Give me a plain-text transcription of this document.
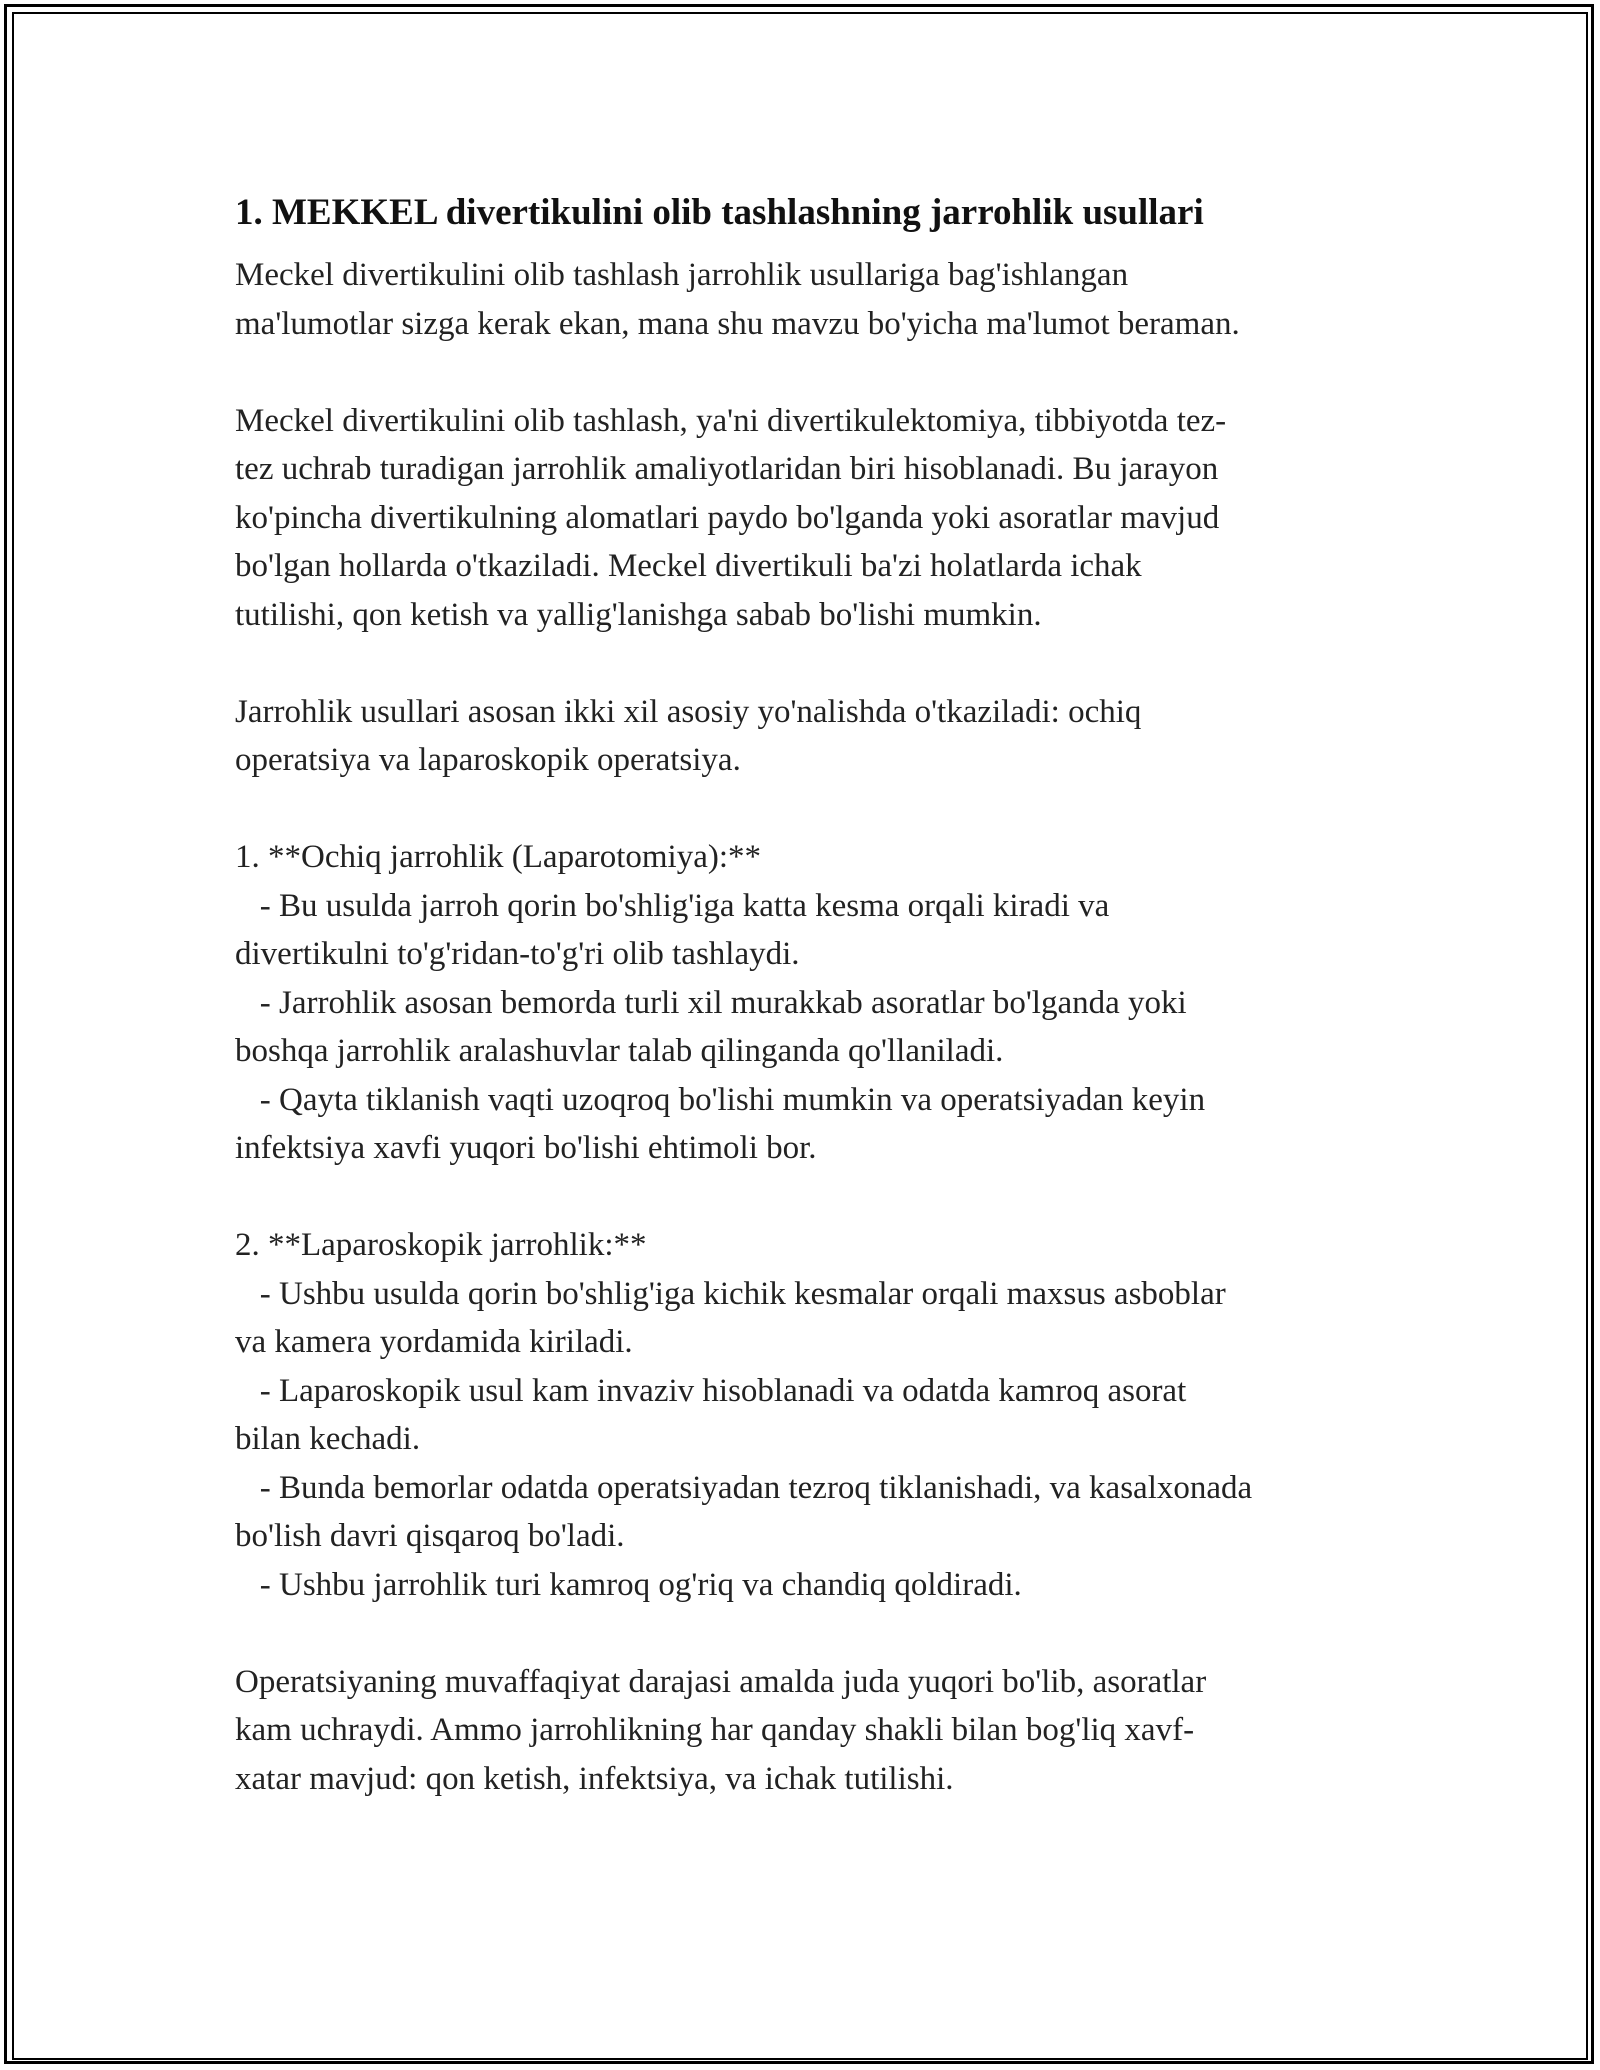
1. MEKKEL divertikulini olib tashlashning jarrohlik usullari

Meckel divertikulini olib tashlash jarrohlik usullariga bag'ishlangan

ma'lumotlar sizga kerak ekan, mana shu mavzu bo'yicha ma'lumot beraman.

Meckel divertikulini olib tashlash, ya'ni divertikulektomiya, tibbiyotda tez-

tez uchrab turadigan jarrohlik amaliyotlaridan biri hisoblanadi. Bu jarayon

ko'pincha divertikulning alomatlari paydo bo'lganda yoki asoratlar mavjud

bo'lgan hollarda o'tkaziladi. Meckel divertikuli ba'zi holatlarda ichak

tutilishi, qon ketish va yallig'lanishga sabab bo'lishi mumkin.

Jarrohlik usullari asosan ikki xil asosiy yo'nalishda o'tkaziladi: ochiq

operatsiya va laparoskopik operatsiya.

1. **Ochiq jarrohlik (Laparotomiya):**

- Bu usulda jarroh qorin bo'shlig'iga katta kesma orqali kiradi va

divertikulni to'g'ridan-to'g'ri olib tashlaydi.

- Jarrohlik asosan bemorda turli xil murakkab asoratlar bo'lganda yoki

boshqa jarrohlik aralashuvlar talab qilinganda qo'llaniladi.

- Qayta tiklanish vaqti uzoqroq bo'lishi mumkin va operatsiyadan keyin

infektsiya xavfi yuqori bo'lishi ehtimoli bor.

2. **Laparoskopik jarrohlik:**

- Ushbu usulda qorin bo'shlig'iga kichik kesmalar orqali maxsus asboblar

va kamera yordamida kiriladi.

- Laparoskopik usul kam invaziv hisoblanadi va odatda kamroq asorat

bilan kechadi.

- Bunda bemorlar odatda operatsiyadan tezroq tiklanishadi, va kasalxonada

bo'lish davri qisqaroq bo'ladi.

- Ushbu jarrohlik turi kamroq og'riq va chandiq qoldiradi.

Operatsiyaning muvaffaqiyat darajasi amalda juda yuqori bo'lib, asoratlar

kam uchraydi. Ammo jarrohlikning har qanday shakli bilan bog'liq xavf-

xatar mavjud: qon ketish, infektsiya, va ichak tutilishi.
